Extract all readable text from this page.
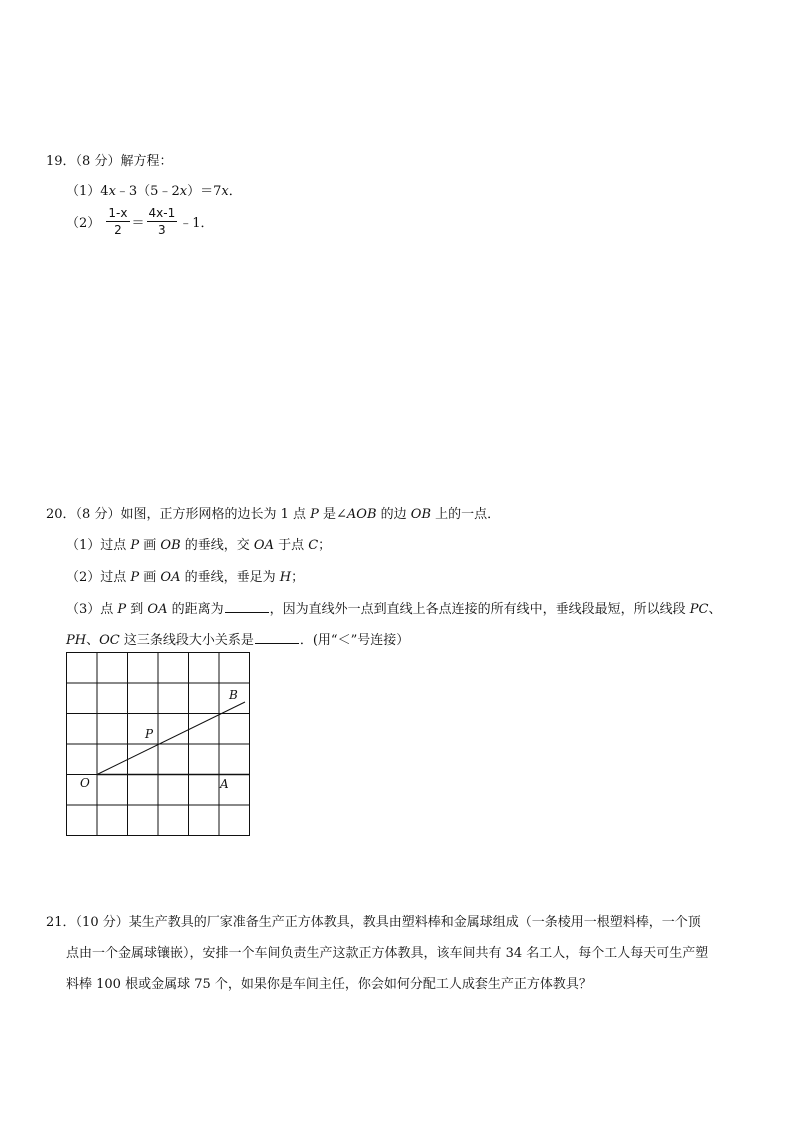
19．（8 分）解方程：
（1）4x﹣3（5﹣2x）＝7x．
$(2) \frac{1-x}{2} = \frac{4x-1}{3}$ ﹣1．
20．（8 分）如图，正方形网格的边长为 1 点 P 是∠AOB 的边 OB 上的一点．
（1）过点 P 画 OB 的垂线，交 OA 于点 C；
（2）过点 P 画 OA 的垂线，垂足为 H；
（3）点 P 到 OA 的距离为	，因为直线外一点到直线上各点连接的所有线中，垂线段最短，所以线段 PC、
PH、OC 这三条线段大小关系是	．(用“＜”号连接）
B
P
O	A
21．（10 分）某生产教具的厂家准备生产正方体教具，教具由塑料棒和金属球组成（一条棱用一根塑料棒，一个顶
点由一个金属球镶嵌），安排一个车间负责生产这款正方体教具，该车间共有 34 名工人，每个工人每天可生产塑
料棒 100 根或金属球 75 个，如果你是车间主任，你会如何分配工人成套生产正方体教具？
